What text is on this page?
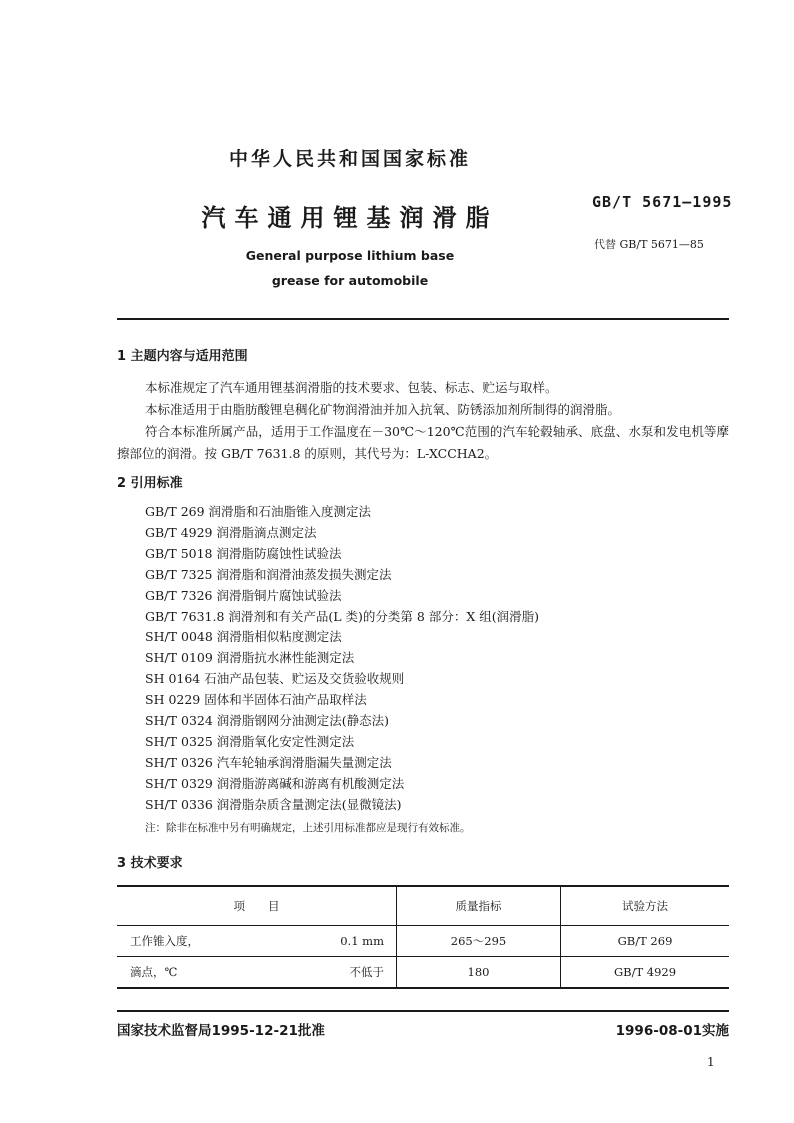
中华人民共和国国家标准
汽车通用锂基润滑脂
GB/T 5671—1995
代替 GB/T 5671—85
General purpose lithium base
grease for automobile
1 主题内容与适用范围
本标准规定了汽车通用锂基润滑脂的技术要求、包装、标志、贮运与取样。
本标准适用于由脂肪酸锂皂稠化矿物润滑油并加入抗氧、防锈添加剂所制得的润滑脂。
符合本标准所属产品，适用于工作温度在－30℃～120℃范围的汽车轮毂轴承、底盘、水泵和发电机等摩擦部位的润滑。按 GB/T 7631.8 的原则，其代号为：L-XCCHA2。
2 引用标准
GB/T 269 润滑脂和石油脂锥入度测定法
GB/T 4929 润滑脂滴点测定法
GB/T 5018 润滑脂防腐蚀性试验法
GB/T 7325 润滑脂和润滑油蒸发损失测定法
GB/T 7326 润滑脂铜片腐蚀试验法
GB/T 7631.8 润滑剂和有关产品(L 类)的分类第 8 部分：X 组(润滑脂)
SH/T 0048 润滑脂相似粘度测定法
SH/T 0109 润滑脂抗水淋性能测定法
SH 0164 石油产品包装、贮运及交货验收规则
SH 0229 固体和半固体石油产品取样法
SH/T 0324 润滑脂钢网分油测定法(静态法)
SH/T 0325 润滑脂氧化安定性测定法
SH/T 0326 汽车轮轴承润滑脂漏失量测定法
SH/T 0329 润滑脂游离碱和游离有机酸测定法
SH/T 0336 润滑脂杂质含量测定法(显微镜法)
注：除非在标准中另有明确规定，上述引用标准都应是现行有效标准。
3 技术要求
项　　目		质量指标	试验方法
工作锥入度，	0.1 mm	265～295	GB/T 269
滴点，℃	不低于	180	GB/T 4929
国家技术监督局1995-12-21批准	1996-08-01实施
1
